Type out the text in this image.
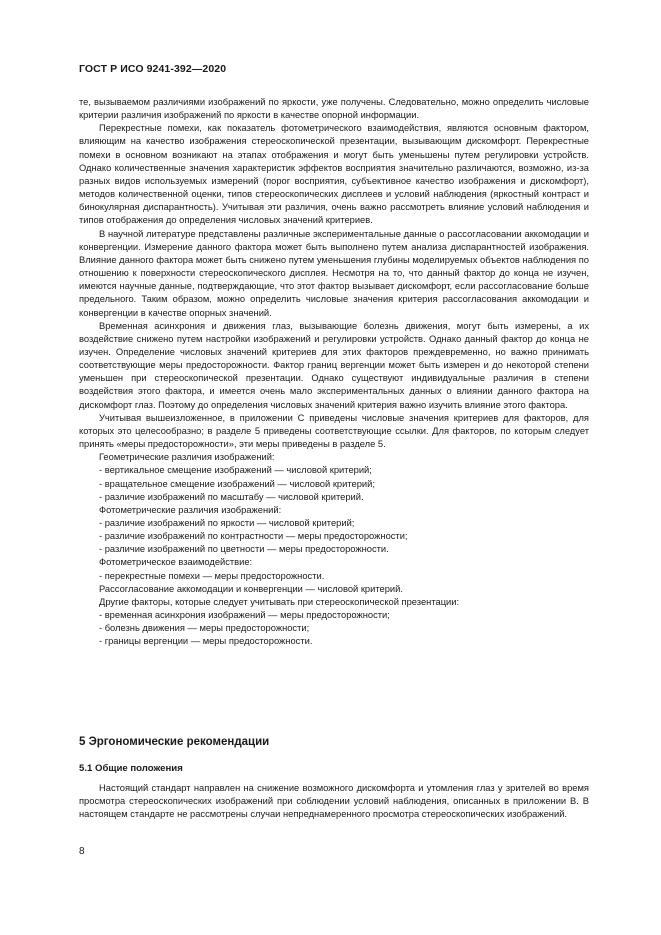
ГОСТ Р ИСО 9241-392—2020

те, вызываемом различиями изображений по яркости, уже получены. Следовательно, можно определить числовые критерии различия изображений по яркости в качестве опорной информации.

Перекрестные помехи, как показатель фотометрического взаимодействия, являются основным фактором, влияющим на качество изображения стереоскопической презентации, вызывающим дискомфорт. Перекрестные помехи в основном возникают на этапах отображения и могут быть уменьшены путем регулировки устройств. Однако количественные значения характеристик эффектов восприятия значительно различаются, возможно, из-за разных видов используемых измерений (порог восприятия, субъективное качество изображения и дискомфорт), методов количественной оценки, типов стереоскопических дисплеев и условий наблюдения (яркостный контраст и бинокулярная диспарантность). Учитывая эти различия, очень важно рассмотреть влияние условий наблюдения и типов отображения до определения числовых значений критериев.

В научной литературе представлены различные экспериментальные данные о рассогласовании аккомодации и конвергенции. Измерение данного фактора может быть выполнено путем анализа диспарантностей изображения. Влияние данного фактора может быть снижено путем уменьшения глубины моделируемых объектов наблюдения по отношению к поверхности стереоскопического дисплея. Несмотря на то, что данный фактор до конца не изучен, имеются научные данные, подтверждающие, что этот фактор вызывает дискомфорт, если рассогласование больше предельного. Таким образом, можно определить числовые значения критерия рассогласования аккомодации и конвергенции в качестве опорных значений.

Временная асинхрония и движения глаз, вызывающие болезнь движения, могут быть измерены, а их воздействие снижено путем настройки изображений и регулировки устройств. Однако данный фактор до конца не изучен. Определение числовых значений критериев для этих факторов преждевременно, но важно принимать соответствующие меры предосторожности. Фактор границ вергенции может быть измерен и до некоторой степени уменьшен при стереоскопической презентации. Однако существуют индивидуальные различия в степени воздействия этого фактора, и имеется очень мало экспериментальных данных о влиянии данного фактора на дискомфорт глаз. Поэтому до определения числовых значений критерия важно изучить влияние этого фактора.

Учитывая вышеизложенное, в приложении С приведены числовые значения критериев для факторов, для которых это целесообразно; в разделе 5 приведены соответствующие ссылки. Для факторов, по которым следует принять «меры предосторожности», эти меры приведены в разделе 5.

Геометрические различия изображений:

- вертикальное смещение изображений — числовой критерий;

- вращательное смещение изображений — числовой критерий;

- различие изображений по масштабу — числовой критерий.

Фотометрические различия изображений:

- различие изображений по яркости — числовой критерий;

- различие изображений по контрастности — меры предосторожности;

- различие изображений по цветности — меры предосторожности.

Фотометрическое взаимодействие:

- перекрестные помехи — меры предосторожности.

Рассогласование аккомодации и конвергенции — числовой критерий.

Другие факторы, которые следует учитывать при стереоскопической презентации:

- временная асинхрония изображений — меры предосторожности;

- болезнь движения — меры предосторожности;

- границы вергенции — меры предосторожности.

5 Эргономические рекомендации
5.1 Общие положения

Настоящий стандарт направлен на снижение возможного дискомфорта и утомления глаз у зрителей во время просмотра стереоскопических изображений при соблюдении условий наблюдения, описанных в приложении В. В настоящем стандарте не рассмотрены случаи непреднамеренного просмотра стереоскопических изображений.

8
